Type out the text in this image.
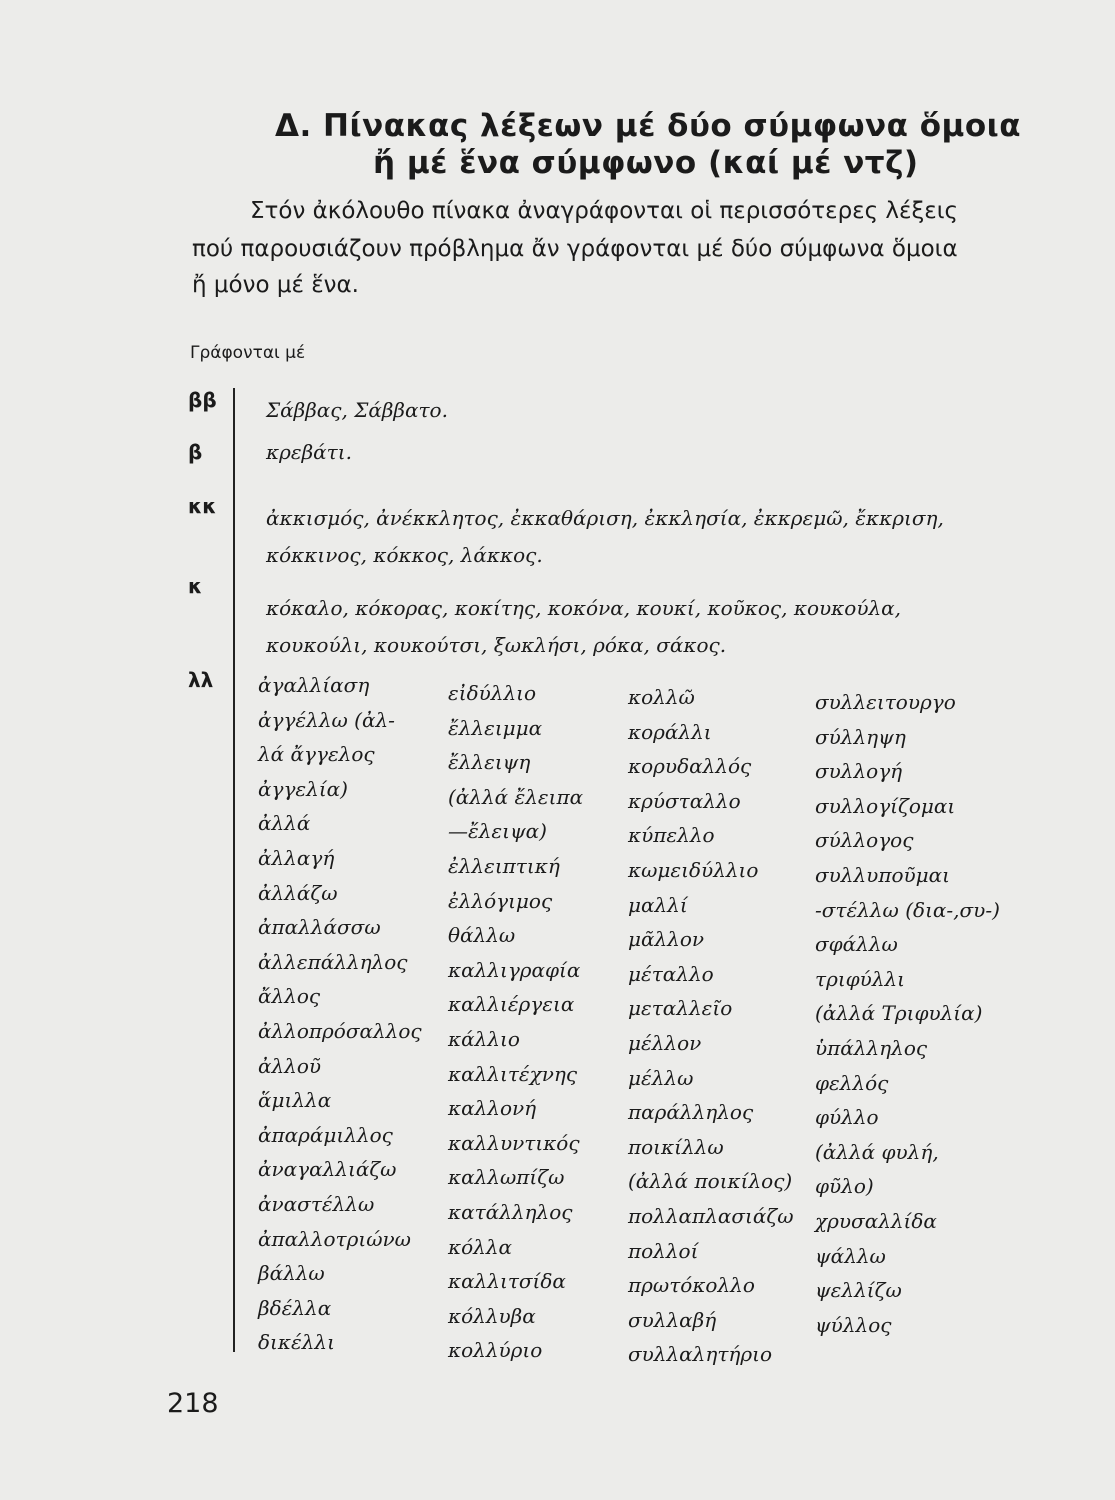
Δ. Πίνακας λέξεων μέ δύο σύμφωνα ὅμοια
ἤ μέ ἕνα σύμφωνο (καί μέ ντζ)
Στόν ἀκόλουθο πίνακα ἀναγράφονται οἱ περισσότερες λέξεις
πού παρουσιάζουν πρόβλημα ἄν γράφονται μέ δύο σύμφωνα ὅμοια
ἤ μόνο μέ ἕνα.
Γράφονται μέ
ββ
β
κκ
κ
λλ
Σάββας, Σάββατο.
κρεβάτι.
ἀκκισμός, ἀνέκκλητος, ἐκκαθάριση, ἐκκλησία, ἐκκρεμῶ, ἔκκριση,
κόκκινος, κόκκος, λάκκος.
κόκαλο, κόκορας, κοκίτης, κοκόνα, κουκί, κοῦκος, κουκούλα,
κουκούλι, κουκούτσι, ξωκλήσι, ρόκα, σάκος.
ἀγαλλίαση
ἀγγέλλω (ἀλ-
λά ἄγγελος
ἀγγελία)
ἀλλά
ἀλλαγή
ἀλλάζω
ἀπαλλάσσω
ἀλλεπάλληλος
ἄλλος
ἀλλοπρόσαλλος
ἀλλοῦ
ἅμιλλα
ἀπαράμιλλος
ἀναγαλλιάζω
ἀναστέλλω
ἀπαλλοτριώνω
βάλλω
βδέλλα
δικέλλι
εἰδύλλιο
ἔλλειμμα
ἔλλειψη
(ἀλλά ἔλειπα
—ἔλειψα)
ἐλλειπτική
ἐλλόγιμος
θάλλω
καλλιγραφία
καλλιέργεια
κάλλιο
καλλιτέχνης
καλλονή
καλλυντικός
καλλωπίζω
κατάλληλος
κόλλα
καλλιτσίδα
κόλλυβα
κολλύριο
κολλῶ
κοράλλι
κορυδαλλός
κρύσταλλο
κύπελλο
κωμειδύλλιο
μαλλί
μᾶλλον
μέταλλο
μεταλλεῖο
μέλλον
μέλλω
παράλληλος
ποικίλλω
(ἀλλά ποικίλος)
πολλαπλασιάζω
πολλοί
πρωτόκολλο
συλλαβή
συλλαλητήριο
συλλειτουργο
σύλληψη
συλλογή
συλλογίζομαι
σύλλογος
συλλυποῦμαι
-στέλλω (δια-,συ-)
σφάλλω
τριφύλλι
(ἀλλά Τριφυλία)
ὑπάλληλος
φελλός
φύλλο
(ἀλλά φυλή,
φῦλο)
χρυσαλλίδα
ψάλλω
ψελλίζω
ψύλλος
218
